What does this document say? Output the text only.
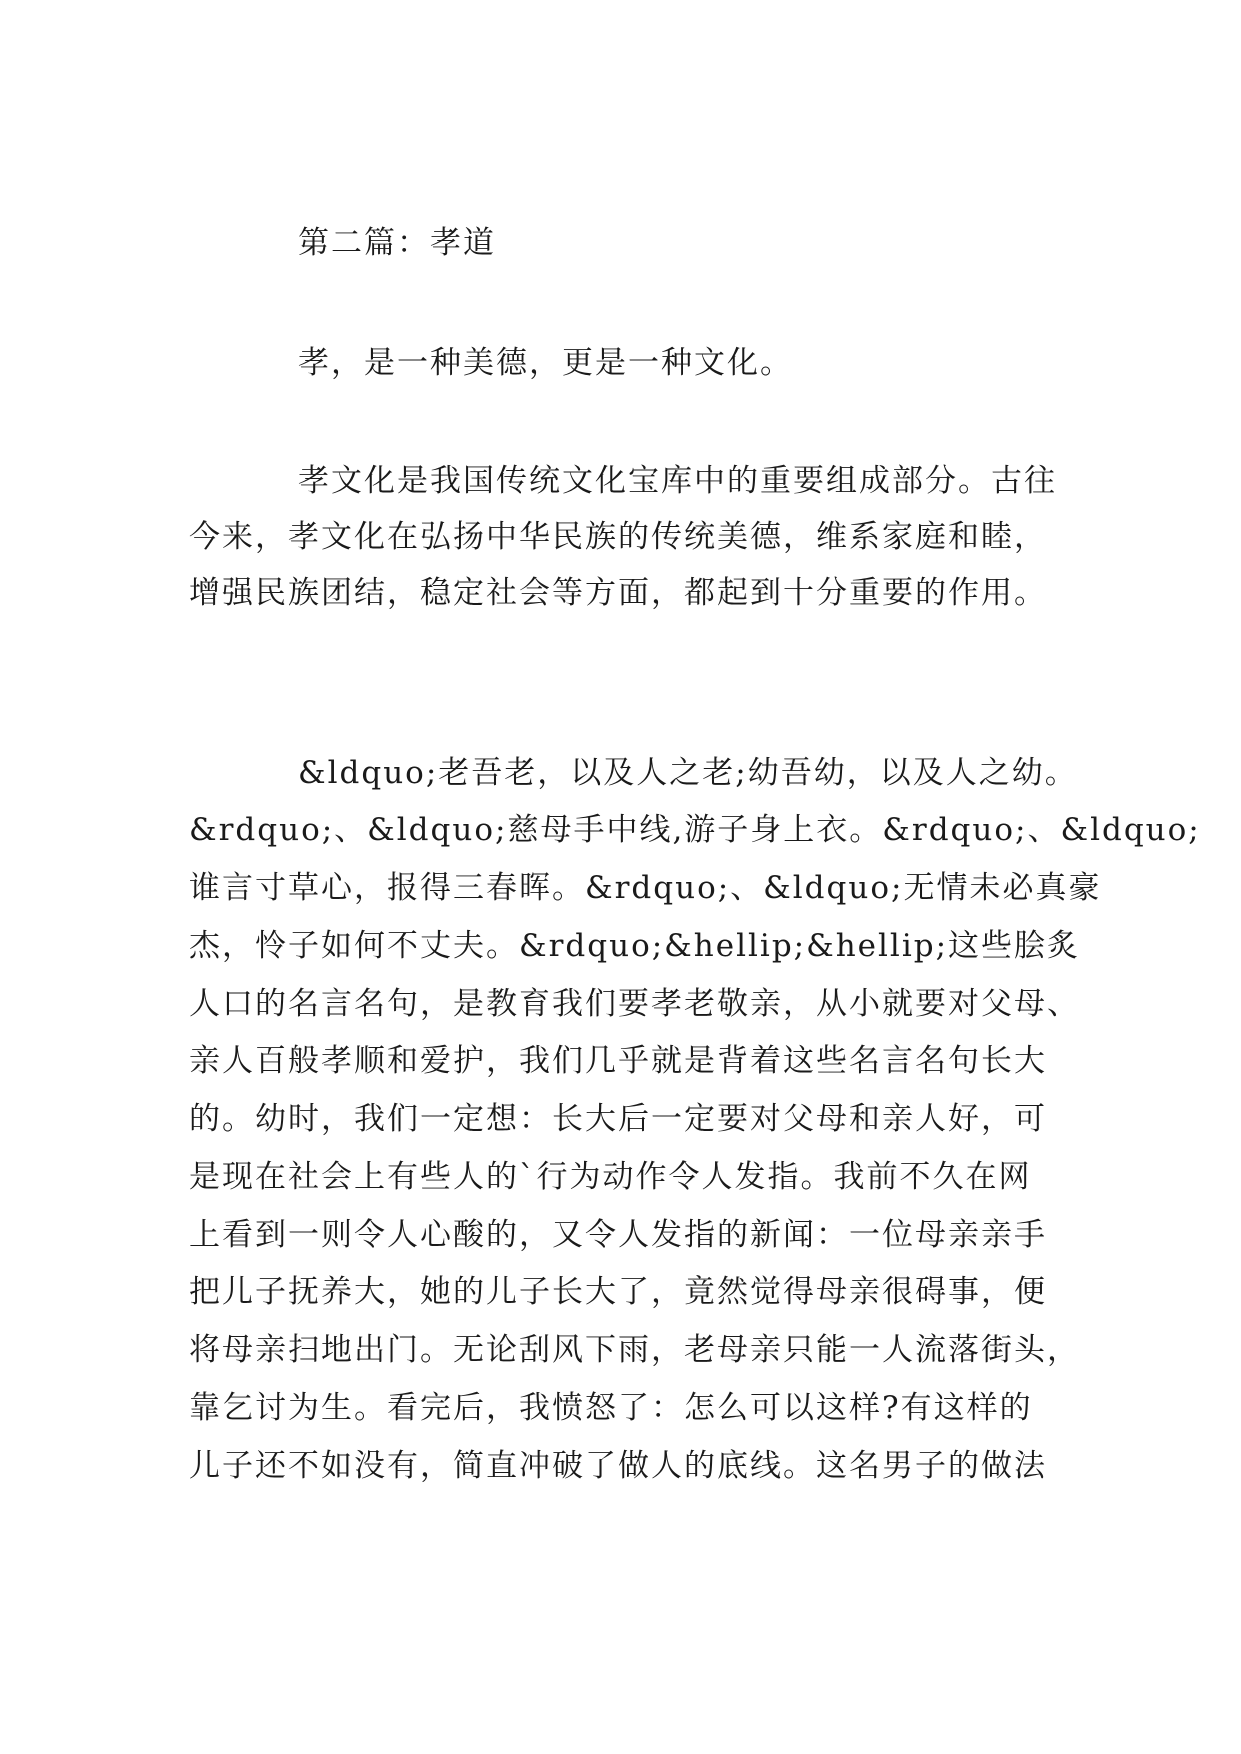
第二篇：孝道
孝，是一种美德，更是一种文化。
孝文化是我国传统文化宝库中的重要组成部分。古往
今来，孝文化在弘扬中华民族的传统美德，维系家庭和睦，
增强民族团结，稳定社会等方面，都起到十分重要的作用。
&ldquo;老吾老，以及人之老;幼吾幼，以及人之幼。
&rdquo;、&ldquo;慈母手中线,游子身上衣。&rdquo;、&ldquo;
谁言寸草心，报得三春晖。&rdquo;、&ldquo;无情未必真豪
杰，怜子如何不丈夫。&rdquo;&hellip;&hellip;这些脍炙
人口的名言名句，是教育我们要孝老敬亲，从小就要对父母、
亲人百般孝顺和爱护，我们几乎就是背着这些名言名句长大
的。幼时，我们一定想：长大后一定要对父母和亲人好，可
是现在社会上有些人的`行为动作令人发指。我前不久在网
上看到一则令人心酸的，又令人发指的新闻：一位母亲亲手
把儿子抚养大，她的儿子长大了，竟然觉得母亲很碍事，便
将母亲扫地出门。无论刮风下雨，老母亲只能一人流落街头，
靠乞讨为生。看完后，我愤怒了：怎么可以这样?有这样的
儿子还不如没有，简直冲破了做人的底线。这名男子的做法
